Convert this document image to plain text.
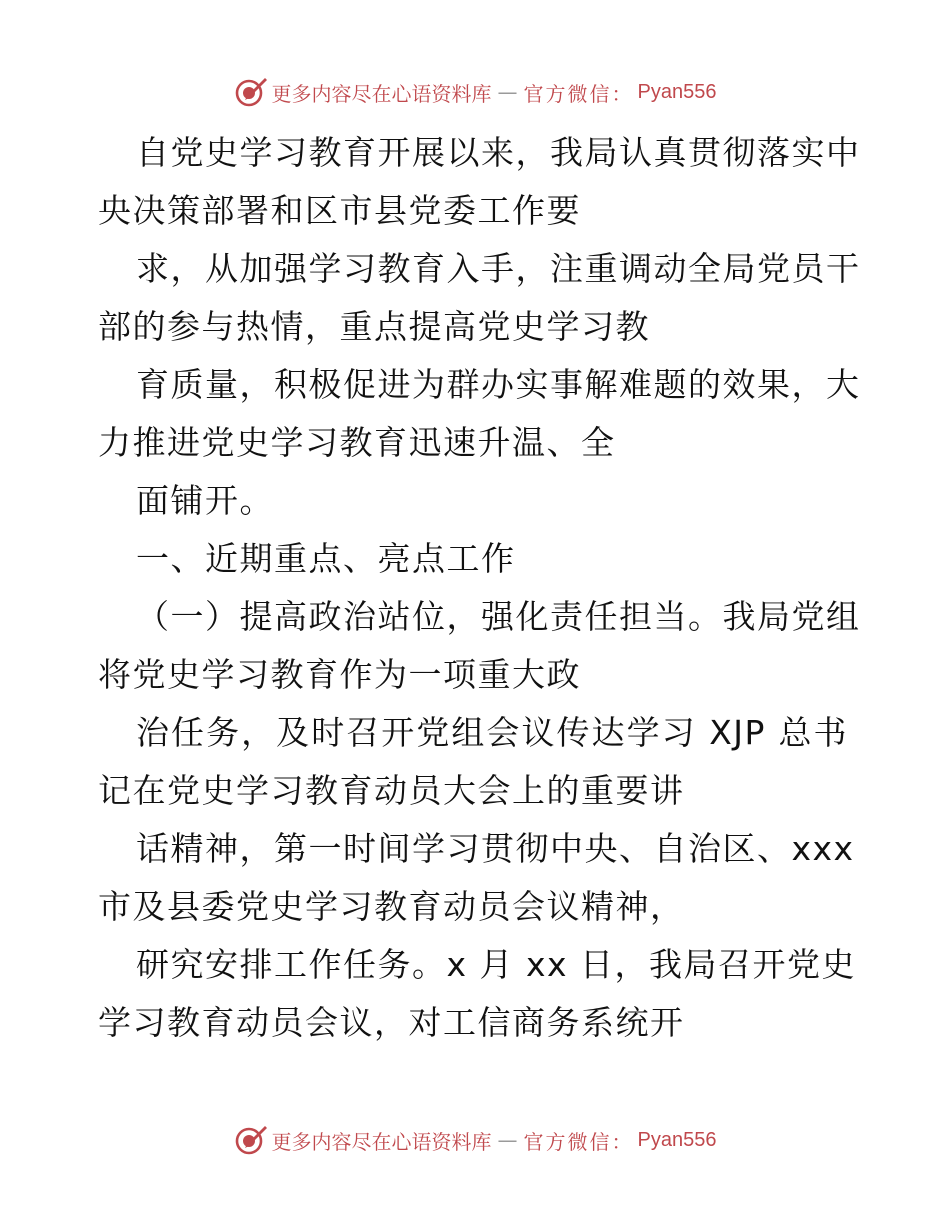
更多内容尽在心语资料库 — 官方微信： Pyan556
自党史学习教育开展以来，我局认真贯彻落实中
央决策部署和区市县党委工作要
求，从加强学习教育入手，注重调动全局党员干
部的参与热情，重点提高党史学习教
育质量，积极促进为群办实事解难题的效果，大
力推进党史学习教育迅速升温、全
面铺开。
一、近期重点、亮点工作
（一）提高政治站位，强化责任担当。我局党组
将党史学习教育作为一项重大政
治任务，及时召开党组会议传达学习 XJP 总书
记在党史学习教育动员大会上的重要讲
话精神，第一时间学习贯彻中央、自治区、xxx
市及县委党史学习教育动员会议精神，
研究安排工作任务。x 月 xx 日，我局召开党史
学习教育动员会议，对工信商务系统开
更多内容尽在心语资料库 — 官方微信： Pyan556
